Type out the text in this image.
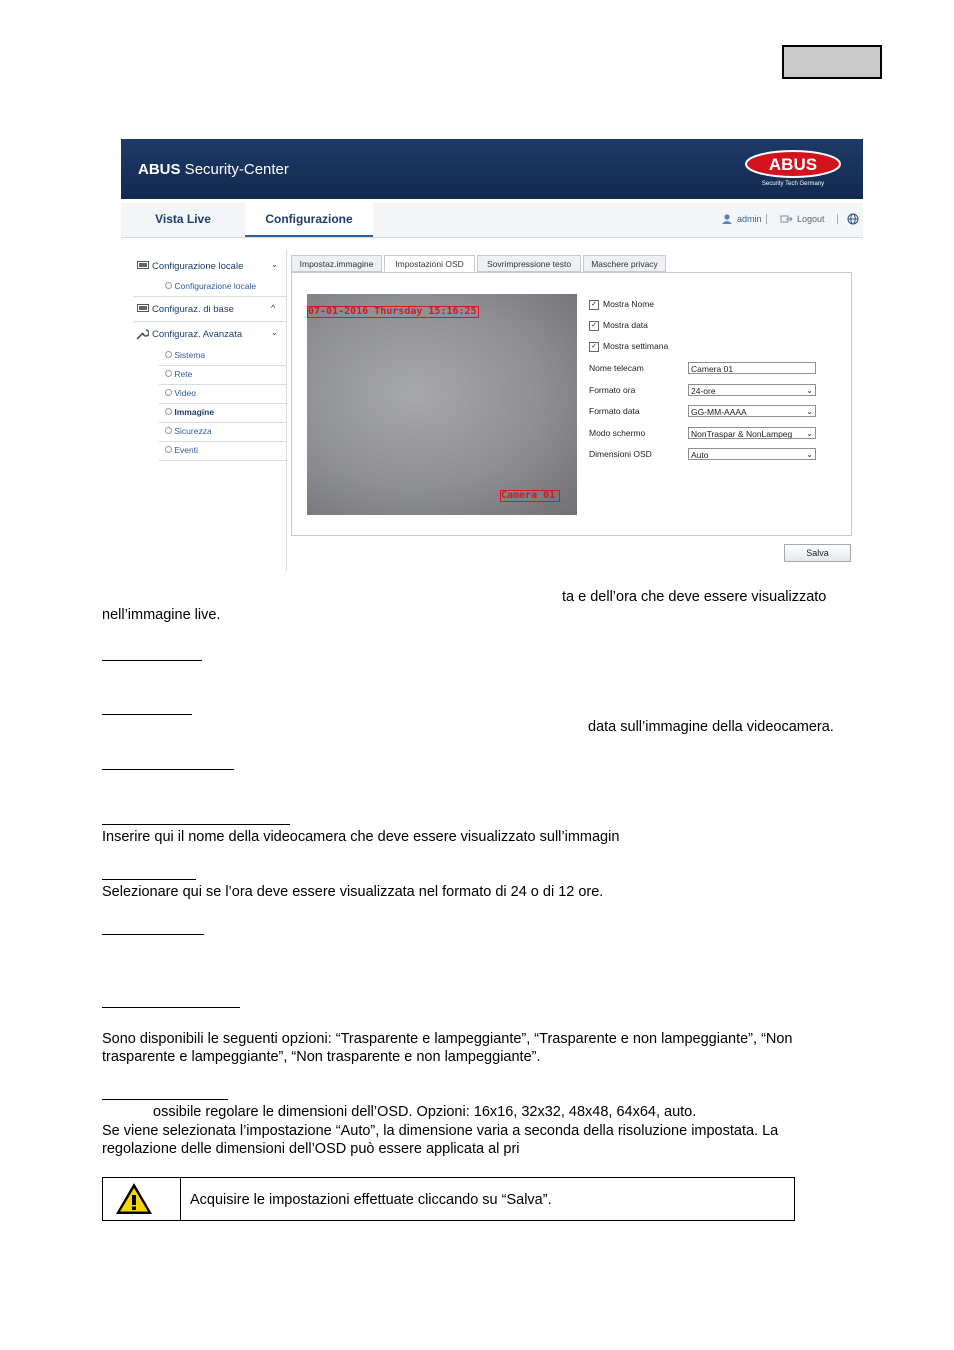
ABUS Security-Center	ABUS
Security Tech Germany
Vista Live	Configurazione	admin	Logout
Configurazione locale	⌄
Configurazione locale
Configuraz. di base	^
Configuraz. Avanzata	⌄
Sistema
Rete
Video
Immagine
Sicurezza
Eventi
Impostaz.immagine	Impostazioni OSD	Sovrimpressione testo	Maschere privacy
07-01-2016 Thursday 15:16:25
Camera 01
✓ Mostra Nome
✓ Mostra data
✓ Mostra settimana
Nome telecam	Camera 01
Formato ora	24-ore	⌄
Formato data	GG-MM-AAAA	⌄
Modo schermo	NonTraspar & NonLampeg ⌄
Dimensioni OSD	Auto	⌄
Salva
ta e dell’ora che deve essere visualizzato
nell’immagine live.
data sull’immagine della videocamera.
Inserire qui il nome della videocamera che deve essere visualizzato sull’immagin
Selezionare qui se l’ora deve essere visualizzata nel formato di 24 o di 12 ore.
Sono disponibili le seguenti opzioni: “Trasparente e lampeggiante”, “Trasparente e non lampeggiante”, “Non
trasparente e lampeggiante”, “Non trasparente e non lampeggiante”.
ossibile regolare le dimensioni dell’OSD. Opzioni: 16x16, 32x32, 48x48, 64x64, auto.
Se viene selezionata l’impostazione “Auto”, la dimensione varia a seconda della risoluzione impostata. La
regolazione delle dimensioni dell’OSD può essere applicata al pri
Acquisire le impostazioni effettuate cliccando su “Salva”.
